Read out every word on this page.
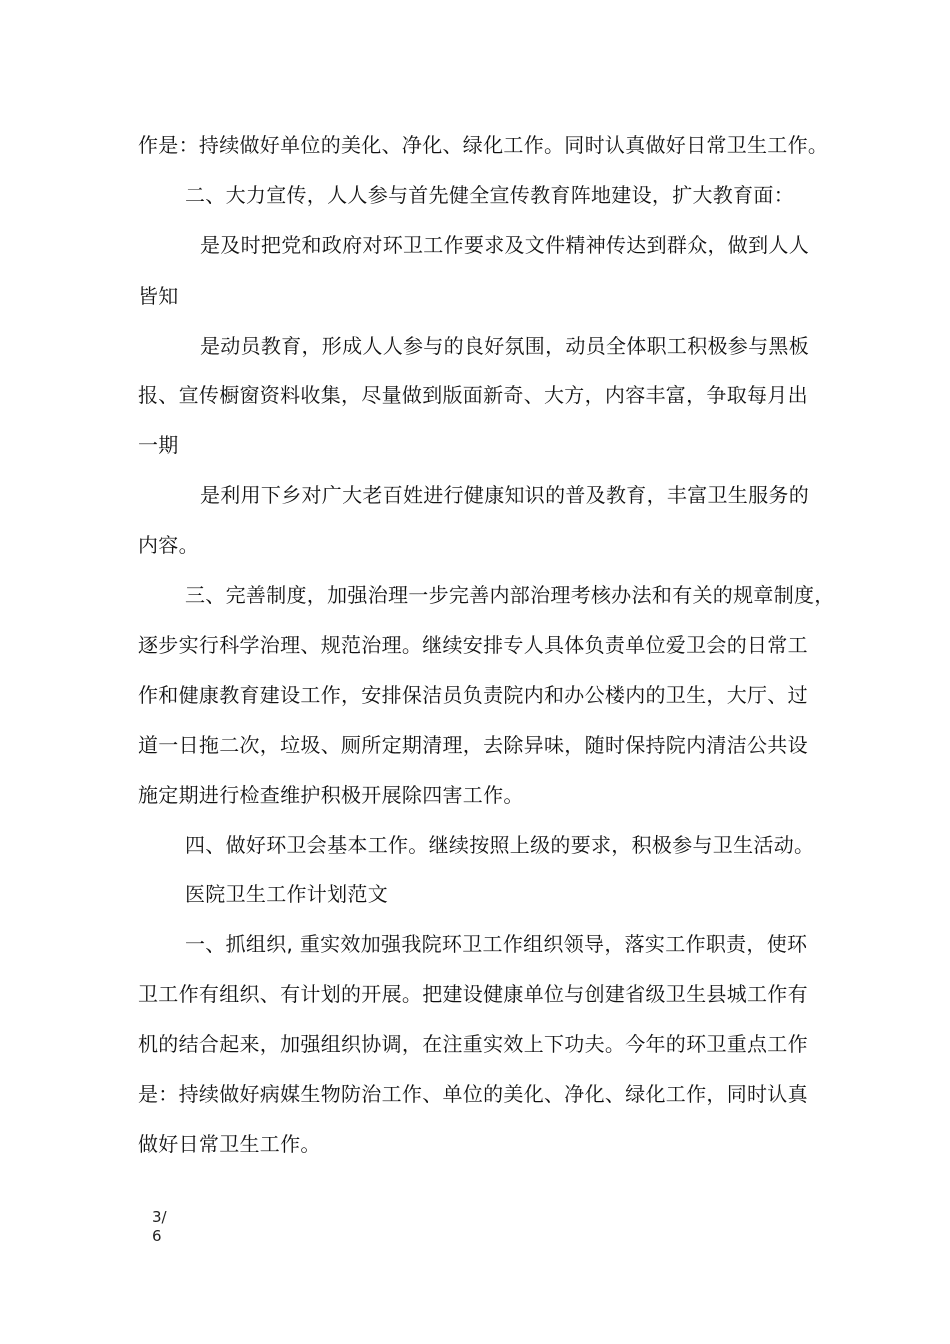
作是：持续做好单位的美化、净化、绿化工作。同时认真做好日常卫生工作。
二、大力宣传，人人参与首先健全宣传教育阵地建设，扩大教育面：
是及时把党和政府对环卫工作要求及文件精神传达到群众，做到人人
皆知
是动员教育，形成人人参与的良好氛围，动员全体职工积极参与黑板
报、宣传橱窗资料收集，尽量做到版面新奇、大方，内容丰富，争取每月出
一期
是利用下乡对广大老百姓进行健康知识的普及教育，丰富卫生服务的
内容。
三、完善制度，加强治理一步完善内部治理考核办法和有关的规章制度，
逐步实行科学治理、规范治理。继续安排专人具体负责单位爱卫会的日常工
作和健康教育建设工作，安排保洁员负责院内和办公楼内的卫生，大厅、过
道一日拖二次，垃圾、厕所定期清理，去除异味，随时保持院内清洁公共设
施定期进行检查维护积极开展除四害工作。
四、做好环卫会基本工作。继续按照上级的要求，积极参与卫生活动。
医院卫生工作计划范文
一、抓组织, 重实效加强我院环卫工作组织领导，落实工作职责，使环
卫工作有组织、有计划的开展。把建设健康单位与创建省级卫生县城工作有
机的结合起来，加强组织协调，在注重实效上下功夫。今年的环卫重点工作
是：持续做好病媒生物防治工作、单位的美化、净化、绿化工作，同时认真
做好日常卫生工作。
3/
6
